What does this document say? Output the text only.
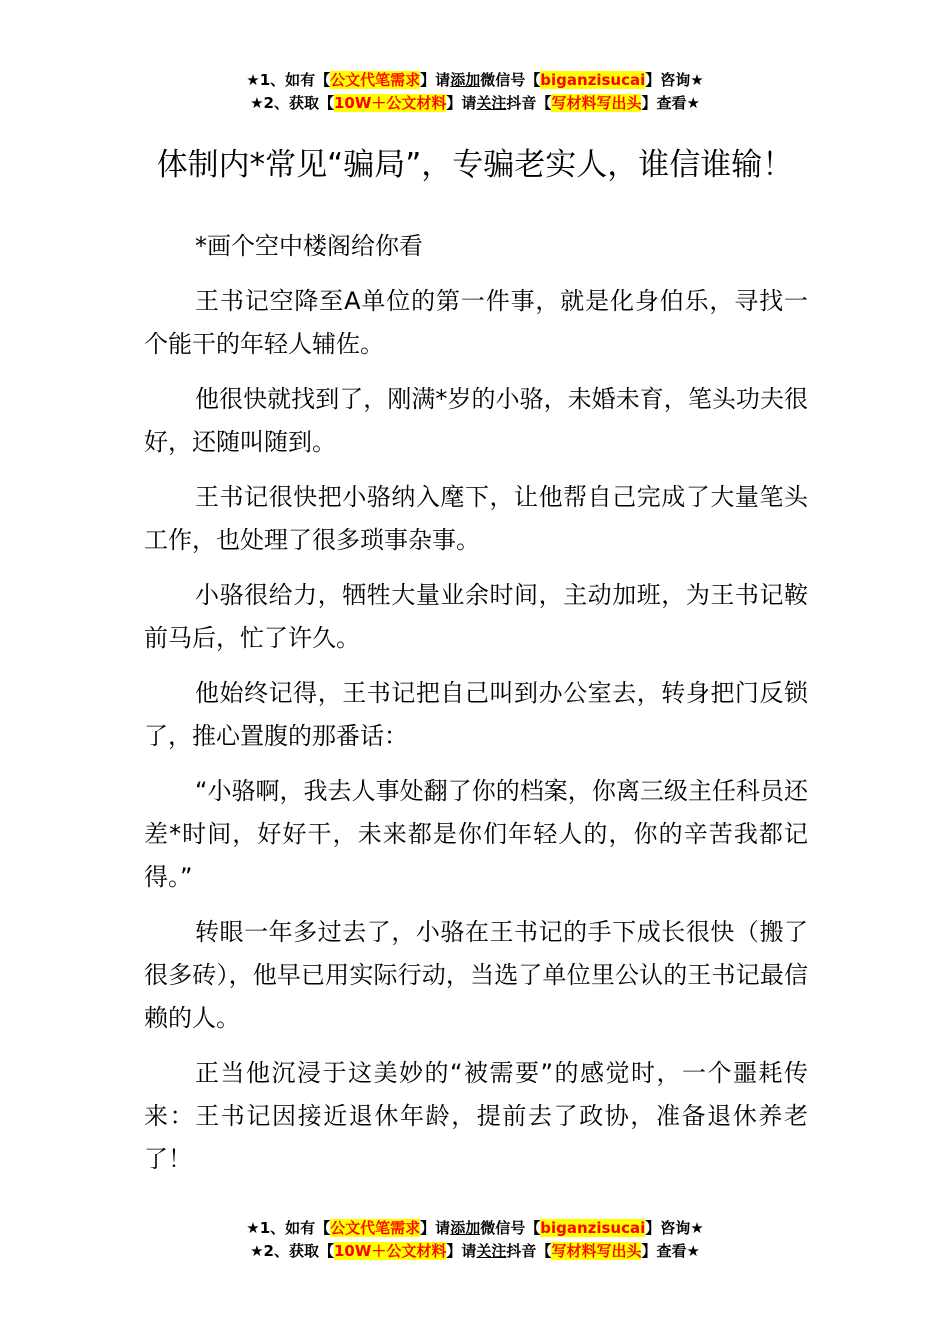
★1、如有【公文代笔需求】请添加微信号【biganzisucai】咨询★
★2、获取【10W＋公文材料】请关注抖音【写材料写出头】查看★
体制内*常见“骗局”，专骗老实人，谁信谁输！

*画个空中楼阁给你看

王书记空降至A单位的第一件事，就是化身伯乐，寻找一个能干的年轻人辅佐。

他很快就找到了，刚满*岁的小骆，未婚未育，笔头功夫很好，还随叫随到。

王书记很快把小骆纳入麾下，让他帮自己完成了大量笔头工作，也处理了很多琐事杂事。

小骆很给力，牺牲大量业余时间，主动加班，为王书记鞍前马后，忙了许久。

他始终记得，王书记把自己叫到办公室去，转身把门反锁了，推心置腹的那番话：

“小骆啊，我去人事处翻了你的档案，你离三级主任科员还差*时间，好好干，未来都是你们年轻人的，你的辛苦我都记得。”

转眼一年多过去了，小骆在王书记的手下成长很快（搬了很多砖），他早已用实际行动，当选了单位里公认的王书记最信赖的人。

正当他沉浸于这美妙的“被需要”的感觉时，一个噩耗传来：王书记因接近退休年龄，提前去了政协，准备退休养老了！

★1、如有【公文代笔需求】请添加微信号【biganzisucai】咨询★
★2、获取【10W＋公文材料】请关注抖音【写材料写出头】查看★
